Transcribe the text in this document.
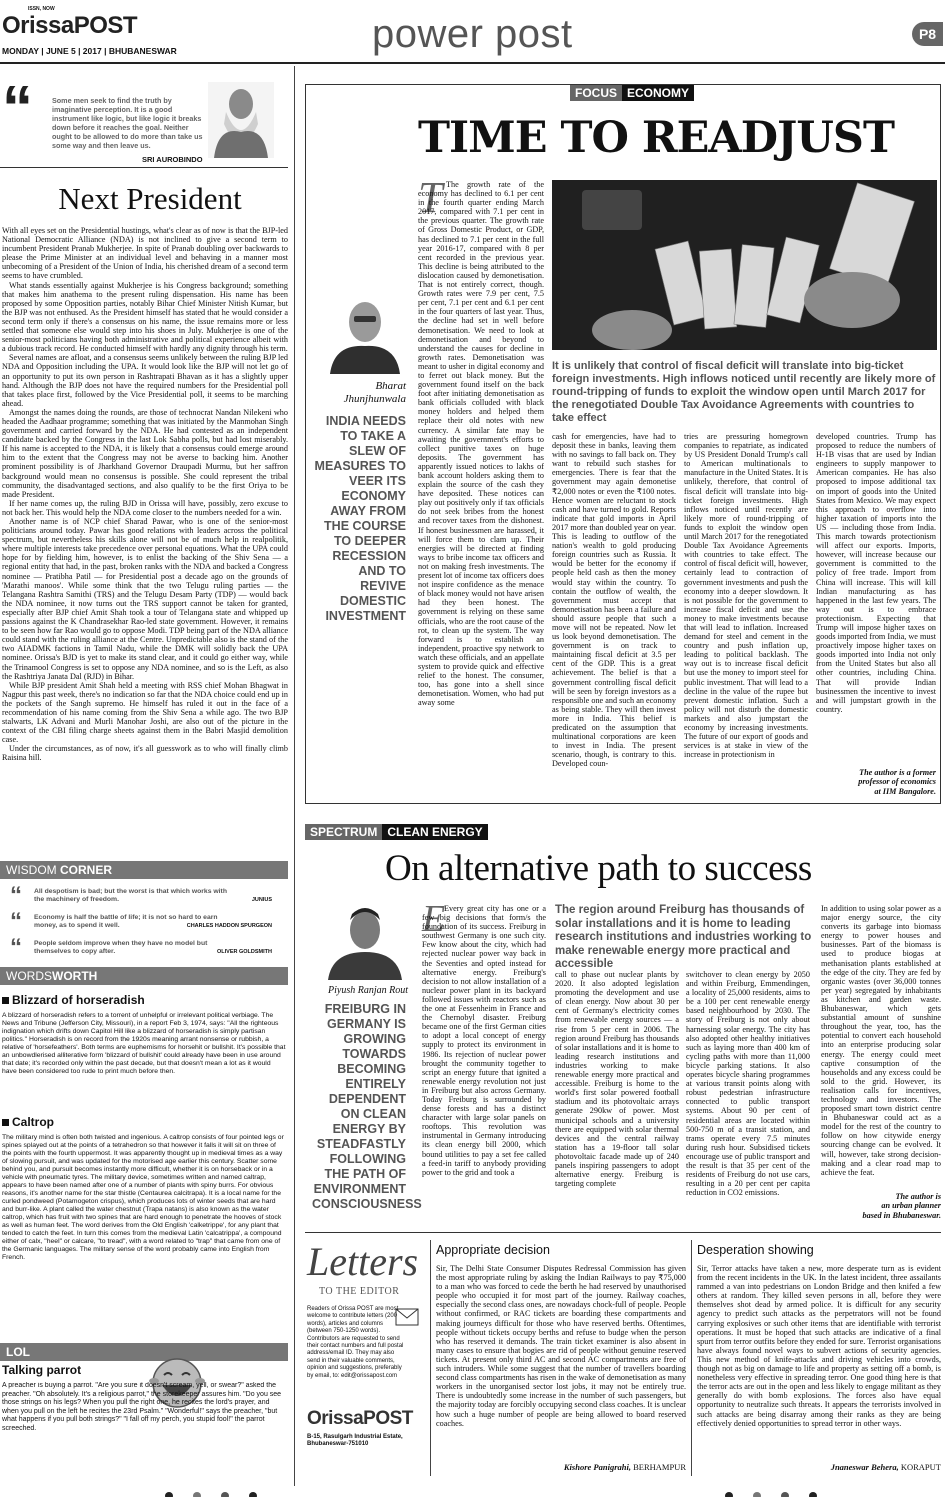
ISSN, NOW
OrissaPOST
MONDAY | JUNE 5 | 2017 | BHUBANESWAR	power post	P8
“	Some men seek to find the truth by imaginative perception. It is a good instrument like logic, but like logic it breaks down before it reaches the goal. Neither ought to be allowed to do more than take us some way and then leave us.
SRI AUROBINDO
Next President

With all eyes set on the Presidential hustings, what's clear as of now is that the BJP-led National Democratic Alliance (NDA) is not inclined to give a second term to incumbent President Pranab Mukherjee. In spite of Pranab doubling over backwards to please the Prime Minister at an individual level and behaving in a manner most unbecoming of a President of the Union of India, his cherished dream of a second term seems to have crumbled.

What stands essentially against Mukherjee is his Congress background; something that makes him anathema to the present ruling dispensation. His name has been proposed by some Opposition parties, notably Bihar Chief Minister Nitish Kumar, but the BJP was not enthused. As the President himself has stated that he would consider a second term only if there's a consensus on his name, the issue remains more or less settled that someone else would step into his shoes in July. Mukherjee is one of the senior-most politicians having both administrative and political experience albeit with a dubious track record. He conducted himself with hardly any dignity through his term.

Several names are afloat, and a consensus seems unlikely between the ruling BJP led NDA and Opposition including the UPA. It would look like the BJP will not let go of an opportunity to put its own person in Rashtrapati Bhavan as it has a slightly upper hand. Although the BJP does not have the required numbers for the Presidential poll that takes place first, followed by the Vice Presidential poll, it seems to be marching ahead.

Amongst the names doing the rounds, are those of technocrat Nandan Nilekeni who headed the Aadhaar programme; something that was initiated by the Manmohan Singh government and carried forward by the NDA. He had contested as an independent candidate backed by the Congress in the last Lok Sabha polls, but had lost miserably. If his name is accepted to the NDA, it is likely that a consensus could emerge around him to the extent that the Congress may not be averse to backing him. Another prominent possibility is of Jharkhand Governor Draupadi Murmu, but her saffron background would mean no consensus is possible. She could represent the tribal community, the disadvantaged sections, and also qualify to be the first Oriya to be made President.

If her name comes up, the ruling BJD in Orissa will have, possibly, zero excuse to not back her. This would help the NDA come closer to the numbers needed for a win.

Another name is of NCP chief Sharad Pawar, who is one of the senior-most politicians around today. Pawar has good relations with leaders across the political spectrum, but nevertheless his skills alone will not be of much help in realpolitik, where multiple interests take precedence over personal equations. What the UPA could hope for by fielding him, however, is to enlist the backing of the Shiv Sena — a regional entity that had, in the past, broken ranks with the NDA and backed a Congress nominee — Pratibha Patil — for Presidential post a decade ago on the grounds of 'Marathi manoos'. While some think that the two Telugu ruling parties — the Telangana Rashtra Samithi (TRS) and the Telugu Desam Party (TDP) — would back the NDA nominee, it now turns out the TRS support cannot be taken for granted, especially after BJP chief Amit Shah took a tour of Telangana state and whipped up passions against the K Chandrasekhar Rao-led state government. However, it remains to be seen how far Rao would go to oppose Modi. TDP being part of the NDA alliance could stand with the ruling alliance at the Centre. Unpredictable also is the stand of the two AIADMK factions in Tamil Nadu, while the DMK will solidly back the UPA nominee. Orissa's BJD is yet to make its stand clear, and it could go either way, while the Trinamool Congress is set to oppose any NDA nominee, and so is the Left, as also the Rashtriya Janata Dal (RJD) in Bihar.

While BJP president Amit Shah held a meeting with RSS chief Mohan Bhagwat in Nagpur this past week, there's no indication so far that the NDA choice could end up in the pockets of the Sangh supremo. He himself has ruled it out in the face of a recommendation of his name coming from the Shiv Sena a while ago. The two BJP stalwarts, LK Advani and Murli Manohar Joshi, are also out of the picture in the context of the CBI filing charge sheets against them in the Babri Masjid demolition case.

Under the circumstances, as of now, it's all guesswork as to who will finally climb Raisina hill.

WISDOM CORNER
“ All despotism is bad; but the worst is that which works with the machinery of freedom.	JUNIUS
“ Economy is half the battle of life; it is not so hard to earn money, as to spend it well.	CHARLES HADDON SPURGEON
“ People seldom improve when they have no model but themselves to copy after.	OLIVER GOLDSMITH
WORDSWORTH
Blizzard of horseradish
A blizzard of horseradish refers to a torrent of unhelpful or irrelevant political verbiage. The News and Tribune (Jefferson City, Missouri), in a report Feb 3, 1974, says: "All the righteous indignation which drifts down Capitol Hill like a blizzard of horseradish is simply partisan politics." Horseradish is on record from the 1920s meaning arrant nonsense or rubbish, a relative of 'horsefeathers'. Both terms are euphemisms for horsehit or bullshit. It's possible that an unbowdlerised alliterative form 'blizzard of bullshit' could already have been in use around that date; it's recorded only within the past decade, but that doesn't mean a lot as it would have been considered too rude to print much before then.
Caltrop
The military mind is often both twisted and ingenious. A caltrop consists of four pointed legs or spines splayed out at the points of a tetrahedron so that however it falls it will sit on three of the points with the fourth uppermost. It was apparently thought up in medieval times as a way of slowing pursuit, and was updated for the motorised age earlier this century. Scatter some behind you, and pursuit becomes instantly more difficult, whether it is on horseback or in a vehicle with pneumatic tyres. The military device, sometimes written and named caltrap, appears to have been named after one of a number of plants with spiny burrs. For obvious reasons, it's another name for the star thistle (Centaurea calcitrapa). It is a local name for the curled pondweed (Potamogeton crispus), which produces lots of winter seeds that are hard and burr-like. A plant called the water chestnut (Trapa natans) is also known as the water caltrop, which has fruit with two spines that are hard enough to penetrate the hooves of stock as well as human feet. The word derives from the Old English 'calketrippe', for any plant that tended to catch the feet. In turn this comes from the medieval Latin 'calcatrippa', a compound either of calx, "heel" or calcare, "to tread", with a word related to "trap" that came from one of the Germanic languages. The military sense of the word probably came into English from French.
LOL
Talking parrot
A preacher is buying a parrot. "Are you sure it doesn't scream, yell, or swear?" asked the preacher. "Oh absolutely. It's a religious parrot," the storekeeper assures him. "Do you see those strings on his legs? When you pull the right one, he recites the lord's prayer, and when you pull on the left he recites the 23rd Psalm." "Wonderful!" says the preacher, "but what happens if you pull both strings?" "I fall off my perch, you stupid fool!" the parrot screeched.
FOCUS ECONOMY
TIME TO READJUST
Bharat
Jhunjhunwala
INDIA NEEDS TO TAKE A SLEW OF MEASURES TO VEER ITS ECONOMY AWAY FROM THE COURSE TO DEEPER RECESSION AND TO REVIVE DOMESTIC INVESTMENT
T The growth rate of the economy has declined to 6.1 per cent in the fourth quarter ending March 2017, compared with 7.1 per cent in the previous quarter. The growth rate of Gross Domestic Product, or GDP, has declined to 7.1 per cent in the full year 2016-17, compared with 8 per cent recorded in the previous year. This decline is being attributed to the dislocation caused by demonetisation. That is not entirely correct, though. Growth rates were 7.9 per cent, 7.5 per cent, 7.1 per cent and 6.1 per cent in the four quarters of last year. Thus, the decline had set in well before demonetisation. We need to look at demonetisation and beyond to understand the causes for decline in growth rates. Demonetisation was meant to usher in digital economy and to ferret out black money. But the government found itself on the back foot after initiating demonetisation as bank officials colluded with black money holders and helped them replace their old notes with new currency. A similar fate may be awaiting the government's efforts to collect punitive taxes on huge deposits. The government has apparently issued notices to lakhs of bank account holders asking them to explain the source of the cash they have deposited. These notices can play out positively only if tax officials do not seek bribes from the honest and recover taxes from the dishonest. If honest businessmen are harassed, it will force them to clam up. Their energies will be directed at finding ways to bribe income tax officers and not on making fresh investments. The present lot of income tax officers does not inspire confidence as the menace of black money would not have arisen had they been honest. The government is relying on these same officials, who are the root cause of the rot, to clean up the system. The way forward is to establish an independent, proactive spy network to watch these officials, and an appellate system to provide quick and effective relief to the honest. The consumer, too, has gone into a shell since demonetisation. Women, who had put away some

It is unlikely that control of fiscal deficit will translate into big-ticket foreign investments. High inflows noticed until recently are likely more of round-tripping of funds to exploit the window open until March 2017 for the renegotiated Double Tax Avoidance Agreements with countries to take effect

cash for emergencies, have had to deposit these in banks, leaving them with no savings to fall back on. They want to rebuild such stashes for emergencies. There is fear that the government may again demonetise ₹2,000 notes or even the ₹100 notes. Hence women are reluctant to stock cash and have turned to gold. Reports indicate that gold imports in April 2017 more than doubled year on year. This is leading to outflow of the nation's wealth to gold producing foreign countries such as Russia. It would be better for the economy if people held cash as then the money would stay within the country. To contain the outflow of wealth, the government must accept that demonetisation has been a failure and should assure people that such a move will not be repeated. Now let us look beyond demonetisation. The government is on track to maintaining fiscal deficit at 3.5 per cent of the GDP. This is a great achievement. The belief is that a government controlling fiscal deficit will be seen by foreign investors as a responsible one and such an economy as being stable. They will then invest more in India. This belief is predicated on the assumption that multinational corporations are keen to invest in India. The present scenario, though, is contrary to this. Developed coun-

tries are pressuring homegrown companies to repatriate, as indicated by US President Donald Trump's call to American multinationals to manufacture in the United States. It is unlikely, therefore, that control of fiscal deficit will translate into big-ticket foreign investments. High inflows noticed until recently are likely more of round-tripping of funds to exploit the window open until March 2017 for the renegotiated Double Tax Avoidance Agreements with countries to take effect. The control of fiscal deficit will, however, certainly lead to contraction of government investments and push the economy into a deeper slowdown. It is not possible for the government to increase fiscal deficit and use the money to make investments because that will lead to inflation. Increased demand for steel and cement in the country and push inflation up, leading to political backlash. The way out is to increase fiscal deficit but use the money to import steel for public investment. That will lead to a decline in the value of the rupee but prevent domestic inflation. Such a policy will not disturb the domestic markets and also jumpstart the economy by increasing investments. The future of our export of goods and services is at stake in view of the increase in protectionism in

developed countries. Trump has proposed to reduce the numbers of H-1B visas that are used by Indian engineers to supply manpower to American companies. He has also proposed to impose additional tax on import of goods into the United States from Mexico. We may expect this approach to overflow into higher taxation of imports into the US — including those from India. This march towards protectionism will affect our exports. Imports, however, will increase because our government is committed to the policy of free trade. Import from China will increase. This will kill Indian manufacturing as has happened in the last few years. The way out is to embrace protectionism. Expecting that Trump will impose higher taxes on goods imported from India, we must proactively impose higher taxes on goods imported into India not only from the United States but also all other countries, including China. That will provide Indian businessmen the incentive to invest and will jumpstart growth in the country.

The author is a former
professor of economics
at IIM Bangalore.
SPECTRUM CLEAN ENERGY
On alternative path to success
Piyush Ranjan Rout
FREIBURG IN GERMANY IS GROWING TOWARDS BECOMING ENTIRELY DEPENDENT ON CLEAN ENERGY BY STEADFASTLY FOLLOWING THE PATH OF ENVIRONMENT CONSCIOUSNESS
E

Every great city has one or a few big decisions that form/s the foundation of its success. Freiburg in southwest Germany is one such city. Few know about the city, which had rejected nuclear power way back in the Seventies and opted instead for alternative energy. Freiburg's decision to not allow installation of a nuclear power plant in its backyard followed issues with reactors such as the one at Fessenheim in France and the Chernobyl disaster. Freiburg became one of the first German cities to adopt a local concept of energy supply to protect its environment in 1986. Its rejection of nuclear power brought the community together to script an energy future that ignited a renewable energy revolution not just in Freiburg but also across Germany. Today Freiburg is surrounded by dense forests and has a distinct character with large solar panels on rooftops. This revolution was instrumental in Germany introducing its clean energy bill 2000, which bound utilities to pay a set fee called a feed-in tariff to anybody providing power to the grid and took a

The region around Freiburg has thousands of solar installations and it is home to leading research institutions and industries working to make renewable energy more practical and accessible

call to phase out nuclear plants by 2020. It also adopted legislation promoting the development and use of clean energy. Now about 30 per cent of Germany's electricity comes from renewable energy sources — a rise from 5 per cent in 2006. The region around Freiburg has thousands of solar installations and it is home to leading research institutions and industries working to make renewable energy more practical and accessible. Freiburg is home to the world's first solar powered football stadium and its photovoltaic arrays generate 290kw of power. Most municipal schools and a university there are equipped with solar thermal devices and the central railway station has a 19-floor tall solar photovoltaic facade made up of 240 panels inspiring passengers to adopt alternative energy. Freiburg is targeting complete

switchover to clean energy by 2050 and within Freiburg, Emmendingen, a locality of 25,000 residents, aims to be a 100 per cent renewable energy based neighbourhood by 2030. The story of Freiburg is not only about harnessing solar energy. The city has also adopted other healthy initiatives such as laying more than 400 km of cycling paths with more than 11,000 bicycle parking stations. It also operates bicycle sharing programmes at various transit points along with robust pedestrian infrastructure connected to public transport systems. About 90 per cent of residential areas are located within 500-750 m of a transit station, and trams operate every 7.5 minutes during rush hour. Subsidised tickets encourage use of public transport and the result is that 35 per cent of the residents of Freiburg do not use cars, resulting in a 20 per cent per capita reduction in CO2 emissions.

In addition to using solar power as a major energy source, the city converts its garbage into biomass energy to power houses and businesses. Part of the biomass is used to produce biogas at methanisation plants established at the edge of the city. They are fed by organic wastes (over 36,000 tonnes per year) segregated by inhabitants as kitchen and garden waste. Bhubaneswar, which gets substantial amount of sunshine throughout the year, too, has the potential to convert each household into an enterprise producing solar energy. The energy could meet captive consumption of the households and any excess could be sold to the grid. However, its realisation calls for incentives, technology and investors. The proposed smart town district centre in Bhubaneswar could act as a model for the rest of the country to follow on how citywide energy sourcing change can be evolved. It will, however, take strong decision-making and a clear road map to achieve the feat.

The author is
an urban planner
based in Bhubaneswar.
Letters
TO THE EDITOR
Readers of Orissa POST are most welcome to contribute letters (200 words), articles and columns (between 750-1250 words). Contributors are requested to send their contact numbers and full postal address/email ID. They may also send in their valuable comments, opinion and suggestions, preferably by email, to: edit@orissapost.com
OrissaPOST
B-15, Rasulgarh Industrial Estate, Bhubaneswar-751010
Appropriate decision

Sir, The Delhi State Consumer Disputes Redressal Commission has given the most appropriate ruling by asking the Indian Railways to pay ₹75,000 to a man who was forced to cede the berth he had reserved by unauthorised people who occupied it for most part of the journey. Railway coaches, especially the second class ones, are nowadays chock-full of people. People without confirmed, or RAC tickets are boarding these compartments and making journeys difficult for those who have reserved berths. Oftentimes, people without tickets occupy berths and refuse to budge when the person who has reserved it demands. The train ticket examiner is also absent in many cases to ensure that bogies are rid of people without genuine reserved tickets. At present only third AC and second AC compartments are free of such intruders. While some suggest that the number of travellers boarding second class compartments has risen in the wake of demonetisation as many workers in the unorganised sector lost jobs, it may not be entirely true. There is undoubtedly some increase in the number of such passengers, but the majority today are forcibly occupying second class coaches. It is unclear how such a huge number of people are being allowed to board reserved coaches.

Kishore Panigrahi, BERHAMPUR
Desperation showing

Sir, Terror attacks have taken a new, more desperate turn as is evident from the recent incidents in the UK. In the latest incident, three assailants rammed a van into pedestrians on London Bridge and then knifed a few others at random. They killed seven persons in all, before they were themselves shot dead by armed police. It is difficult for any security agency to predict such attacks as the perpetrators will not be found carrying explosives or such other items that are identifiable with terrorist operations. It must be hoped that such attacks are indicative of a final spurt from terror outfits before they ended for sure. Terrorist organisations have always found novel ways to subvert actions of security agencies. This new method of knife-attacks and driving vehicles into crowds, though not as big on damage to life and property as setting off a bomb, is nonetheless very effective in spreading terror. One good thing here is that the terror acts are out in the open and less likely to engage militant as they generally do with bomb explosions. The forces also have equal opportunity to neutralize such threats. It appears the terrorists involved in such attacks are being disarray among their ranks as they are being effectively denied opportunities to spread terror in other ways.

Jnaneswar Behera, KORAPUT
